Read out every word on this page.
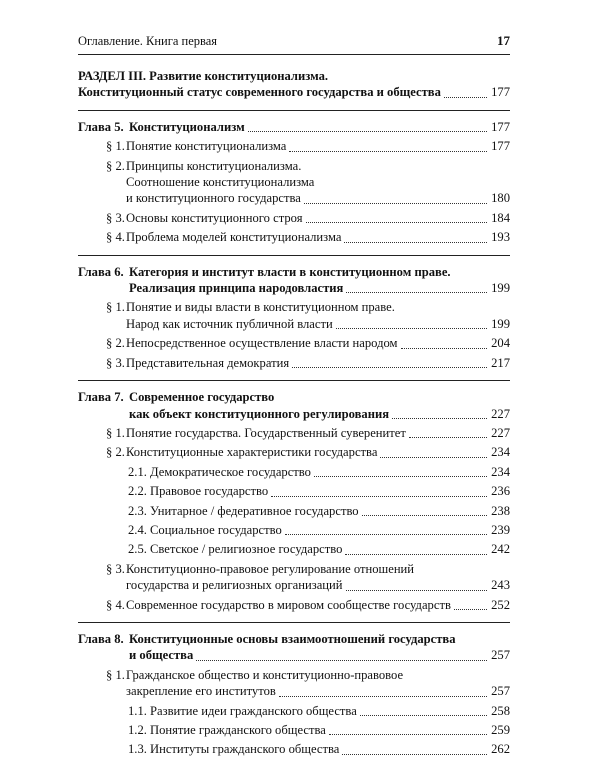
Оглавление. Книга первая	17
РАЗДЕЛ III. Развитие конституционализма.
Конституционный статус современного государства и общества	177
Глава 5. Конституционализм	177
§ 1. Понятие конституционализма	177
§ 2. Принципы конституционализма.
Соотношение конституционализма
и конституционного государства	180
§ 3. Основы конституционного строя	184
§ 4. Проблема моделей конституционализма	193
Глава 6. Категория и институт власти в конституционном праве.
Реализация принципа народовластия	199
§ 1. Понятие и виды власти в конституционном праве.
Народ как источник публичной власти	199
§ 2. Непосредственное осуществление власти народом	204
§ 3. Представительная демократия	217
Глава 7. Современное государство
как объект конституционного регулирования	227
§ 1. Понятие государства. Государственный суверенитет	227
§ 2. Конституционные характеристики государства	234
2.1. Демократическое государство	234
2.2. Правовое государство	236
2.3. Унитарное / федеративное государство	238
2.4. Социальное государство	239
2.5. Светское / религиозное государство	242
§ 3. Конституционно-правовое регулирование отношений
государства и религиозных организаций	243
§ 4. Современное государство в мировом сообществе государств	252
Глава 8. Конституционные основы взаимоотношений государства
и общества	257
§ 1. Гражданское общество и конституционно-правовое
закрепление его институтов	257
1.1. Развитие идеи гражданского общества	258
1.2. Понятие гражданского общества	259
1.3. Институты гражданского общества	262
